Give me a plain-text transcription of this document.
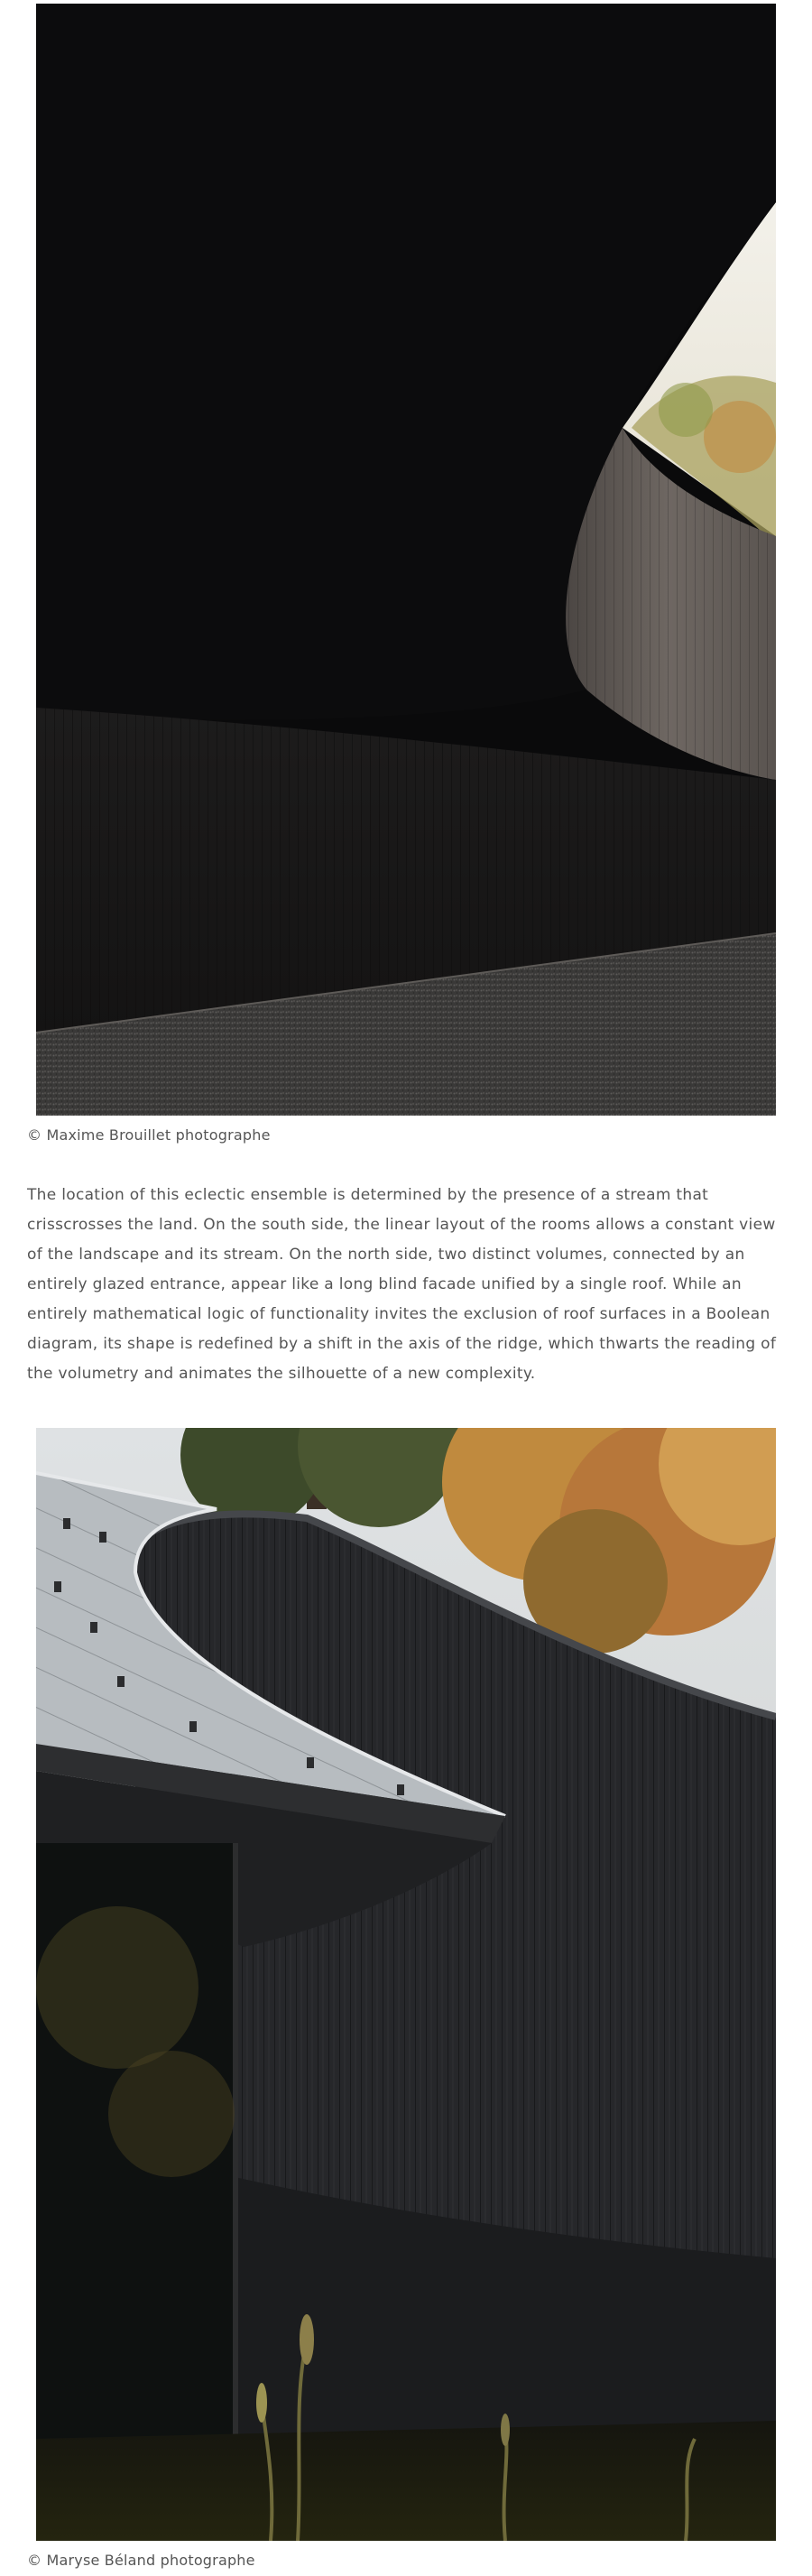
© Maxime Brouillet photographe

The location of this eclectic ensemble is determined by the presence of a stream that crisscrosses the land. On the south side, the linear layout of the rooms allows a constant view of the landscape and its stream. On the north side, two distinct volumes, connected by an entirely glazed entrance, appear like a long blind facade unified by a single roof. While an entirely mathematical logic of functionality invites the exclusion of roof surfaces in a Boolean diagram, its shape is redefined by a shift in the axis of the ridge, which thwarts the reading of the volumetry and animates the silhouette of a new complexity.

© Maryse Béland photographe
